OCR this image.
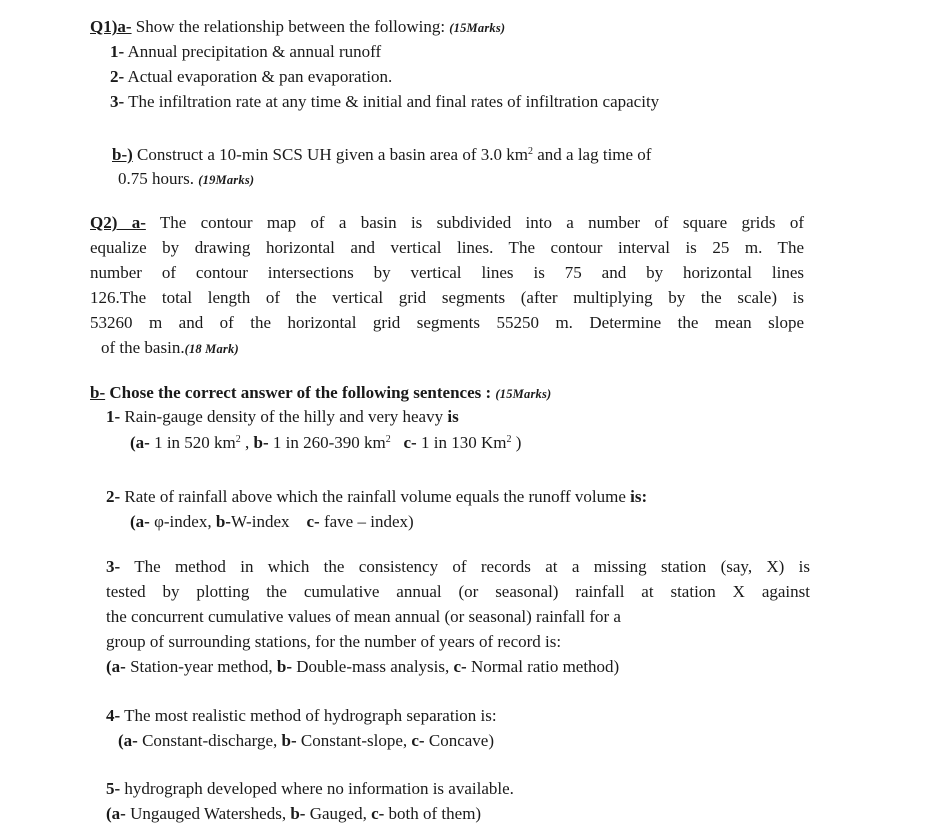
Q1)a- Show the relationship between the following: (15Marks)

1- Annual precipitation & annual runoff

2- Actual evaporation & pan evaporation.

3- The infiltration rate at any time & initial and final rates of infiltration capacity

b-) Construct a 10-min SCS UH given a basin area of 3.0 $km^2$ and a lag time of

0.75 hours. (19Marks)

Q2) a- The contour map of a basin is subdivided into a number of square grids of

equalize by drawing horizontal and vertical lines. The contour interval is 25 m. The

number of contour intersections by vertical lines is 75 and by horizontal lines

126.The total length of the vertical grid segments (after multiplying by the scale) is

53260 m and of the horizontal grid segments 55250 m. Determine the mean slope

of the basin.(18 Mark)

b- Chose the correct answer of the following sentences : (15Marks)

1- Rain-gauge density of the hilly and very heavy is

(a- 1 in 520 $km^2$ , b- 1 in 260-390 $km^2$ c- 1 in 130 Km$^2$ )

2- Rate of rainfall above which the rainfall volume equals the runoff volume is:

(a- φ-index, b-W-index c- fave – index)

3- The method in which the consistency of records at a missing station (say, X) is

tested by plotting the cumulative annual (or seasonal) rainfall at station X against

the concurrent cumulative values of mean annual (or seasonal) rainfall for a

group of surrounding stations, for the number of years of record is:

(a- Station-year method, b- Double-mass analysis, c- Normal ratio method)

4- The most realistic method of hydrograph separation is:

(a- Constant-discharge, b- Constant-slope, c- Concave)

5- hydrograph developed where no information is available.

(a- Ungauged Watersheds, b- Gauged, c- both of them)
